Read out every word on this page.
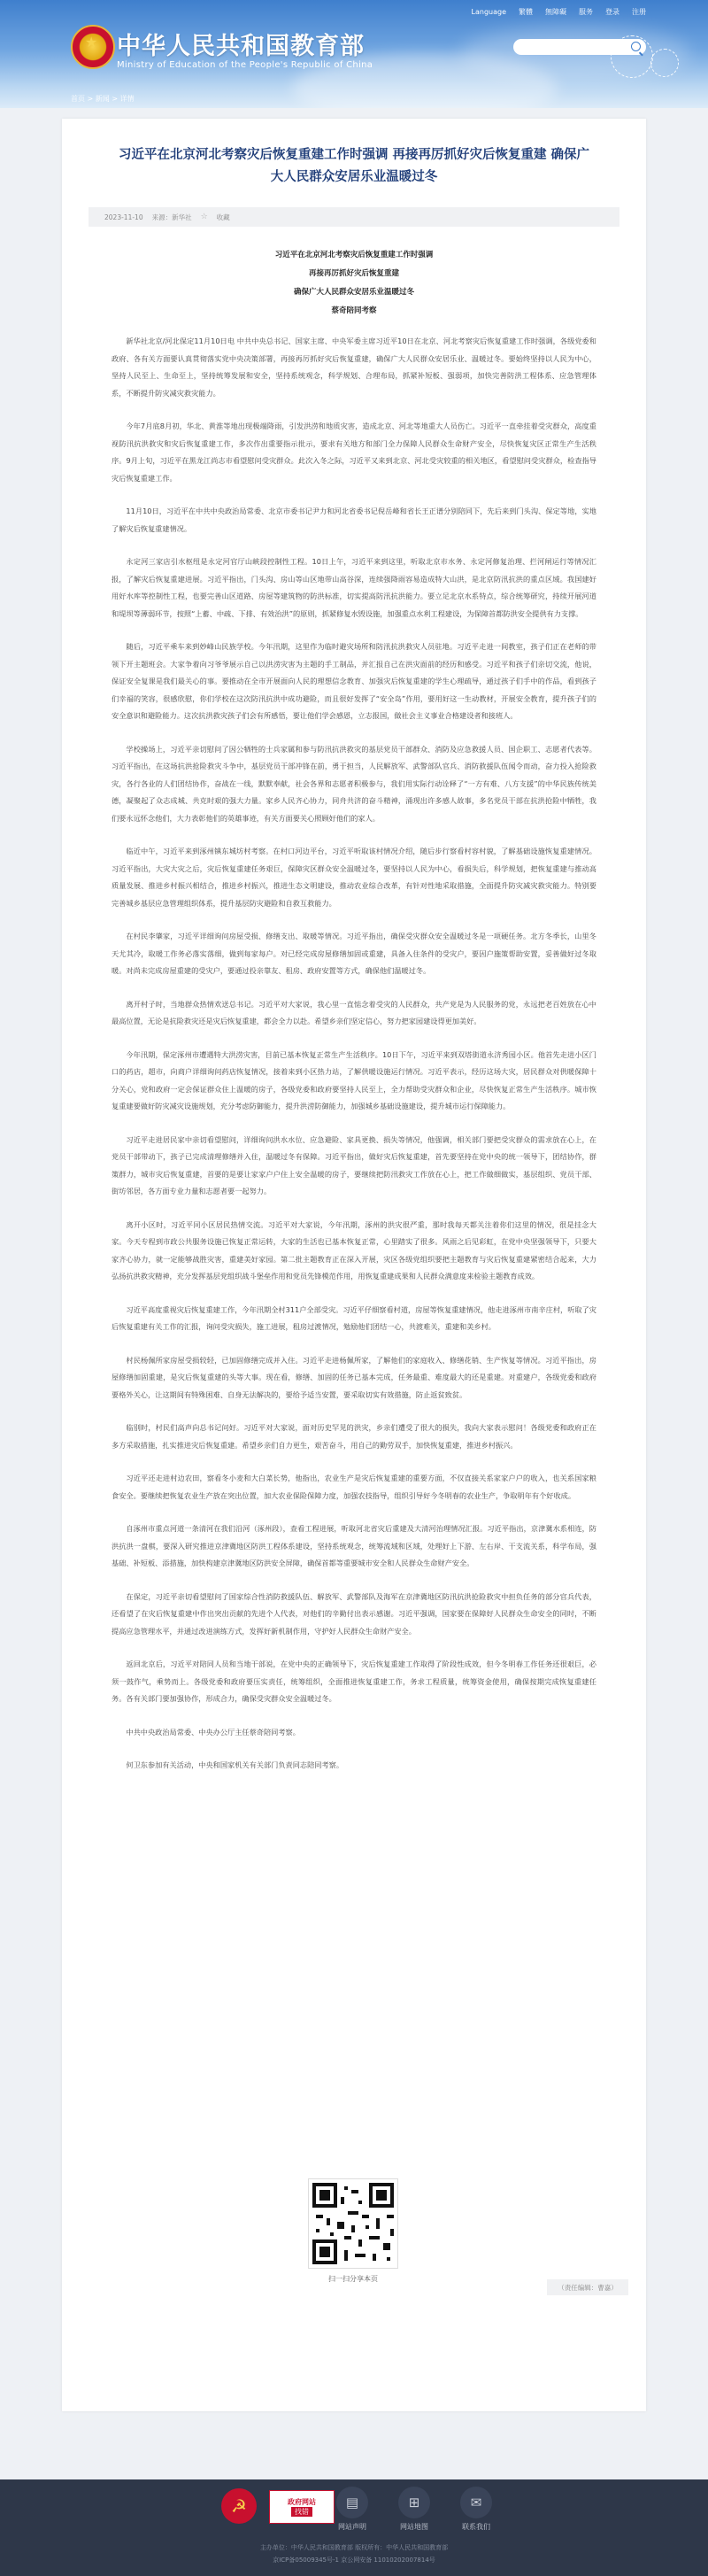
★ 中华人民共和国教育部
Ministry of Education of the People's Republic of China
Language 繁體 無障礙 服务 登录 注册
首页 > 新闻 > 详情
习近平在北京河北考察灾后恢复重建工作时强调 再接再厉抓好灾后恢复重建 确保广大人民群众安居乐业温暖过冬
2023-11-10 来源：新华社 ☆ 收藏
习近平在北京河北考察灾后恢复重建工作时强调
再接再厉抓好灾后恢复重建
确保广大人民群众安居乐业温暖过冬
蔡奇陪同考察

新华社北京/河北保定11月10日电 中共中央总书记、国家主席、中央军委主席习近平10日在北京、河北考察灾后恢复重建工作时强调，各级党委和政府、各有关方面要认真贯彻落实党中央决策部署，再接再厉抓好灾后恢复重建，确保广大人民群众安居乐业、温暖过冬。要始终坚持以人民为中心，坚持人民至上、生命至上，坚持统筹发展和安全，坚持系统观念，科学规划、合理布局，抓紧补短板、强弱项，加快完善防洪工程体系、应急管理体系，不断提升防灾减灾救灾能力。

今年7月底8月初，华北、黄淮等地出现极端降雨，引发洪涝和地质灾害，造成北京、河北等地重大人员伤亡。习近平一直牵挂着受灾群众，高度重视防汛抗洪救灾和灾后恢复重建工作，多次作出重要指示批示，要求有关地方和部门全力保障人民群众生命财产安全，尽快恢复灾区正常生产生活秩序。9月上旬，习近平在黑龙江尚志市看望慰问受灾群众。此次入冬之际，习近平又来到北京、河北受灾较重的相关地区，看望慰问受灾群众，检查指导灾后恢复重建工作。

11月10日，习近平在中共中央政治局常委、北京市委书记尹力和河北省委书记倪岳峰和省长王正谱分别陪同下，先后来到门头沟、保定等地，实地了解灾后恢复重建情况。

永定河三家店引水枢纽是永定河官厅山峡段控制性工程。10日上午，习近平来到这里，听取北京市水务、永定河修复治理、拦河闸运行等情况汇报，了解灾后恢复重建进展。习近平指出，门头沟、房山等山区地带山高谷深，连续强降雨容易造成特大山洪，是北京防汛抗洪的重点区域。我国建好用好水库等控制性工程，也要完善山区道路、房屋等建筑物的防洪标准，切实提高防汛抗洪能力。要立足北京水系特点，综合统筹研究，持续开展河道和堤坝等薄弱环节，按照“上蓄、中疏、下排、有效治洪”的原则，抓紧修复水毁设施，加强重点水利工程建设，为保障首都防洪安全提供有力支撑。

随后，习近平乘车来到妙峰山民族学校。今年汛期，这里作为临时避灾场所和防汛抗洪救灾人员驻地。习近平走进一间教室，孩子们正在老师的带领下开主题班会。大家争着向习爷爷展示自己以洪涝灾害为主题的手工制品，并汇报自己在洪灾面前的经历和感受。习近平和孩子们亲切交流，他说，保证安全复课是我们最关心的事。要推动在全市开展面向人民的理想信念教育、加强灾后恢复重建的学生心理疏导，通过孩子们手中的作品，看到孩子们幸福的笑容，很感欣慰，你们学校在这次防汛抗洪中成功避险，而且很好发挥了“安全岛”作用，要用好这一生动教材，开展安全教育，提升孩子们的安全意识和避险能力。这次抗洪救灾孩子们会有所感悟，要让他们学会感恩，立志报国，做社会主义事业合格建设者和接班人。

学校操场上，习近平亲切慰问了因公牺牲的士兵家属和参与防汛抗洪救灾的基层党员干部群众、消防及应急救援人员、国企职工、志愿者代表等。习近平指出，在这场抗洪抢险救灾斗争中，基层党员干部冲锋在前，勇于担当，人民解放军、武警部队官兵、消防救援队伍闻令而动，奋力投入抢险救灾，各行各业的人们团结协作，奋战在一线，默默奉献，社会各界和志愿者积极参与，我们用实际行动诠释了“一方有难、八方支援”的中华民族传统美德，凝聚起了众志成城、共克时艰的强大力量。家乡人民齐心协力，同舟共济的奋斗精神，涌现出许多感人故事，多名党员干部在抗洪抢险中牺牲，我们要永远怀念他们，大力表彰他们的英雄事迹，有关方面要关心照顾好他们的家人。

临近中午，习近平来到涿州镇东城坊村考察。在村口河边平台，习近平听取该村情况介绍，随后步行察看村容村貌，了解基础设施恢复重建情况。习近平指出，大灾大灾之后，灾后恢复重建任务艰巨，保障灾区群众安全温暖过冬，要坚持以人民为中心，看损失后，科学规划，把恢复重建与推动高质量发展、推进乡村振兴相结合，推进乡村振兴，推进生态文明建设，推动农业综合改革，有针对性地采取措施，全面提升防灾减灾救灾能力。特别要完善城乡基层应急管理组织体系，提升基层防灾避险和自救互救能力。

在村民李肇家，习近平详细询问房屋受损、修缮支出、取暖等情况。习近平指出，确保受灾群众安全温暖过冬是一项硬任务。北方冬季长，山里冬天尤其冷，取暖工作务必落实落细，做到每家每户。对已经完成房屋修缮加固或重建，具备入住条件的受灾户，要因户施策帮助安置，妥善做好过冬取暖。对尚未完成房屋重建的受灾户，要通过投亲靠友、租房、政府安置等方式，确保他们温暖过冬。

离开村子时，当地群众热情欢送总书记。习近平对大家说，我心里一直惦念着受灾的人民群众，共产党是为人民服务的党，永远把老百姓放在心中最高位置，无论是抗险救灾还是灾后恢复重建，都会全力以赴。希望乡亲们坚定信心，努力把家园建设得更加美好。

今年汛期，保定涿州市遭遇特大洪涝灾害，目前已基本恢复正常生产生活秩序。10日下午，习近平来到双塔街道永济秀园小区。他首先走进小区门口的药店，超市，向商户详细询问药店恢复情况，接着来到小区热力站，了解供暖设施运行情况。习近平表示，经历这场大灾，居民群众对供暖保障十分关心，党和政府一定会保证群众住上温暖的房子，各级党委和政府要坚持人民至上，全力帮助受灾群众和企业，尽快恢复正常生产生活秩序。城市恢复重建要做好防灾减灾设施规划，充分考虑防御能力，提升洪涝防御能力，加强城乡基础设施建设，提升城市运行保障能力。

习近平走进居民家中亲切看望慰问，详细询问洪水水位、应急避险、家具更换、损失等情况，他强调，相关部门要把受灾群众的需求放在心上，在党员干部带动下，孩子已完成清理修缮并入住，温暖过冬有保障。习近平指出，做好灾后恢复重建，首先要坚持在党中央的统一领导下，团结协作，群策群力，城市灾后恢复重建，首要的是要让家家户户住上安全温暖的房子，要继续把防汛救灾工作放在心上，把工作做细做实，基层组织、党员干部、街坊邻居，各方面专业力量和志愿者要一起努力。

离开小区时，习近平同小区居民热情交流。习近平对大家说，今年汛期，涿州的洪灾很严重，那时我每天都关注着你们这里的情况，很是挂念大家。今天专程到市政公共服务设施已恢复正常运转，大家的生活也已基本恢复正常，心里踏实了很多。风雨之后见彩虹，在党中央坚强领导下，只要大家齐心协力，就一定能够战胜灾害，重建美好家园。第二批主题教育正在深入开展，灾区各级党组织要把主题教育与灾后恢复重建紧密结合起来，大力弘扬抗洪救灾精神，充分发挥基层党组织战斗堡垒作用和党员先锋模范作用，用恢复重建成果和人民群众满意度来检验主题教育成效。

习近平高度重视灾后恢复重建工作，今年汛期全村311户全部受灾。习近平仔细察看村道，房屋等恢复重建情况，他走进涿州市南辛庄村，听取了灾后恢复重建有关工作的汇报，询问受灾损失，施工进展，租房过渡情况，勉励他们团结一心，共渡难关，重建和美乡村。

村民杨佩所家房屋受损较轻，已加固修缮完成并入住。习近平走进杨佩所家，了解他们的家庭收入、修缮花销、生产恢复等情况。习近平指出，房屋修缮加固重建，是灾后恢复重建的头等大事。现在看，修缮、加固的任务已基本完成，任务最重、难度最大的还是重建。对重建户，各级党委和政府要格外关心，让这期间有特殊困难、自身无法解决的，要给予适当安置，要采取切实有效措施，防止返贫致贫。

临别时，村民们高声向总书记问好。习近平对大家说，面对历史罕见的洪灾，乡亲们遭受了很大的损失，我向大家表示慰问！各级党委和政府正在多方采取措施，扎实推进灾后恢复重建。希望乡亲们自力更生，艰苦奋斗，用自己的勤劳双手，加快恢复重建，推进乡村振兴。

习近平还走进村边农田，察看冬小麦和大白菜长势，他指出，农业生产是灾后恢复重建的重要方面，不仅直接关系家家户户的收入，也关系国家粮食安全。要继续把恢复农业生产放在突出位置，加大农业保险保障力度，加强农技指导，组织引导好今冬明春的农业生产，争取明年有个好收成。

自涿州市重点河道一条清河在我们沿河（涿州段），查看工程进展，听取河北省灾后重建及大清河治理情况汇报。习近平指出，京津冀水系相连，防洪抗洪一盘棋，要深入研究推进京津冀地区防洪工程体系建设，坚持系统观念，统筹流域和区域，处理好上下游、左右岸、干支流关系，科学布局，强基础、补短板、添措施，加快构建京津冀地区防洪安全屏障，确保首都等重要城市安全和人民群众生命财产安全。

在保定，习近平亲切看望慰问了国家综合性消防救援队伍、解放军、武警部队及海军在京津冀地区防汛抗洪抢险救灾中担负任务的部分官兵代表，还看望了在灾后恢复重建中作出突出贡献的先进个人代表，对他们的辛勤付出表示感谢。习近平强调，国家要在保障好人民群众生命安全的同时，不断提高应急管理水平，并通过改进演练方式，发挥好新机制作用，守护好人民群众生命财产安全。

返回北京后，习近平对陪同人员和当地干部说，在党中央的正确领导下，灾后恢复重建工作取得了阶段性成效，但今冬明春工作任务还很艰巨，必须一鼓作气，乘势而上。各级党委和政府要压实责任，统筹组织，全面推进恢复重建工作，务求工程质量，统筹资金使用，确保按期完成恢复重建任务。各有关部门要加强协作，形成合力，确保受灾群众安全温暖过冬。

中共中央政治局常委、中央办公厅主任蔡奇陪同考察。

何卫东参加有关活动，中央和国家机关有关部门负责同志陪同考察。

扫一扫分享本页
（责任编辑：曹嘉）
☭	政府网站
找错
▤
网站声明
⊞
网站地图
✉
联系我们
主办单位：中华人民共和国教育部 版权所有：中华人民共和国教育部
京ICP备05009345号-1 京公网安备 11010202007814号
